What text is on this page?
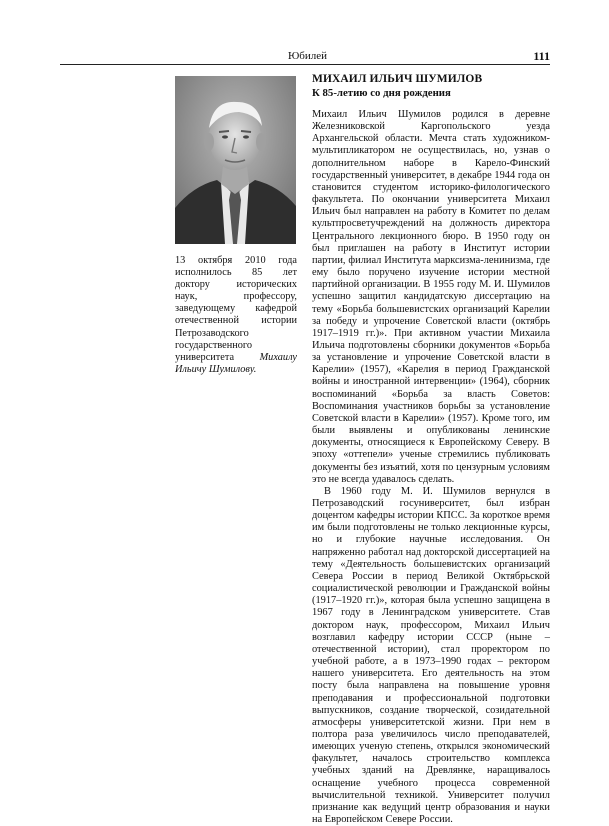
Юбилей	111
13 октября 2010 года исполнилось 85 лет доктору исторических наук, профессору, заведующему кафедрой отечественной истории Петрозаводского государственного университета Михаилу Ильичу Шумилову.
МИХАИЛ ИЛЬИЧ ШУМИЛОВ
К 85-летию со дня рождения

Михаил Ильич Шумилов родился в деревне Железниковской Каргопольского уезда Архангельской области. Мечта стать художником-мультипликатором не осуществилась, но, узнав о дополнительном наборе в Карело-Финский государственный университет, в декабре 1944 года он становится студентом историко-филологического факультета. По окончании университета Михаил Ильич был направлен на работу в Комитет по делам культпросветучреждений на должность директора Центрального лекционного бюро. В 1950 году он был приглашен на работу в Институт истории партии, филиал Института марксизма-ленинизма, где ему было поручено изучение истории местной партийной организации. В 1955 году М. И. Шумилов успешно защитил кандидатскую диссертацию на тему «Борьба большевистских организаций Карелии за победу и упрочение Советской власти (октябрь 1917–1919 гг.)». При активном участии Михаила Ильича подготовлены сборники документов «Борьба за установление и упрочение Советской власти в Карелии» (1957), «Карелия в период Гражданской войны и иностранной интервенции» (1964), сборник воспоминаний «Борьба за власть Советов: Воспоминания участников борьбы за установление Советской власти в Карелии» (1957). Кроме того, им были выявлены и опубликованы ленинские документы, относящиеся к Европейскому Северу. В эпоху «оттепели» ученые стремились публиковать документы без изъятий, хотя по цензурным условиям это не всегда удавалось сделать.

В 1960 году М. И. Шумилов вернулся в Петрозаводский госуниверситет, был избран доцентом кафедры истории КПСС. За короткое время им были подготовлены не только лекционные курсы, но и глубокие научные исследования. Он напряженно работал над докторской диссертацией на тему «Деятельность большевистских организаций Севера России в период Великой Октябрьской социалистической революции и Гражданской войны (1917–1920 гг.)», которая была успешно защищена в 1967 году в Ленинградском университете. Став доктором наук, профессором, Михаил Ильич возглавил кафедру истории СССР (ныне – отечественной истории), стал проректором по учебной работе, а в 1973–1990 годах – ректором нашего университета. Его деятельность на этом посту была направлена на повышение уровня преподавания и профессиональной подготовки выпускников, создание творческой, созидательной атмосферы университетской жизни. При нем в полтора раза увеличилось число преподавателей, имеющих ученую степень, открылся экономический факультет, началось строительство комплекса учебных зданий на Древлянке, наращивалось оснащение учебного процесса современной вычислительной техникой. Университет получил признание как ведущий центр образования и науки на Европейском Севере России.
